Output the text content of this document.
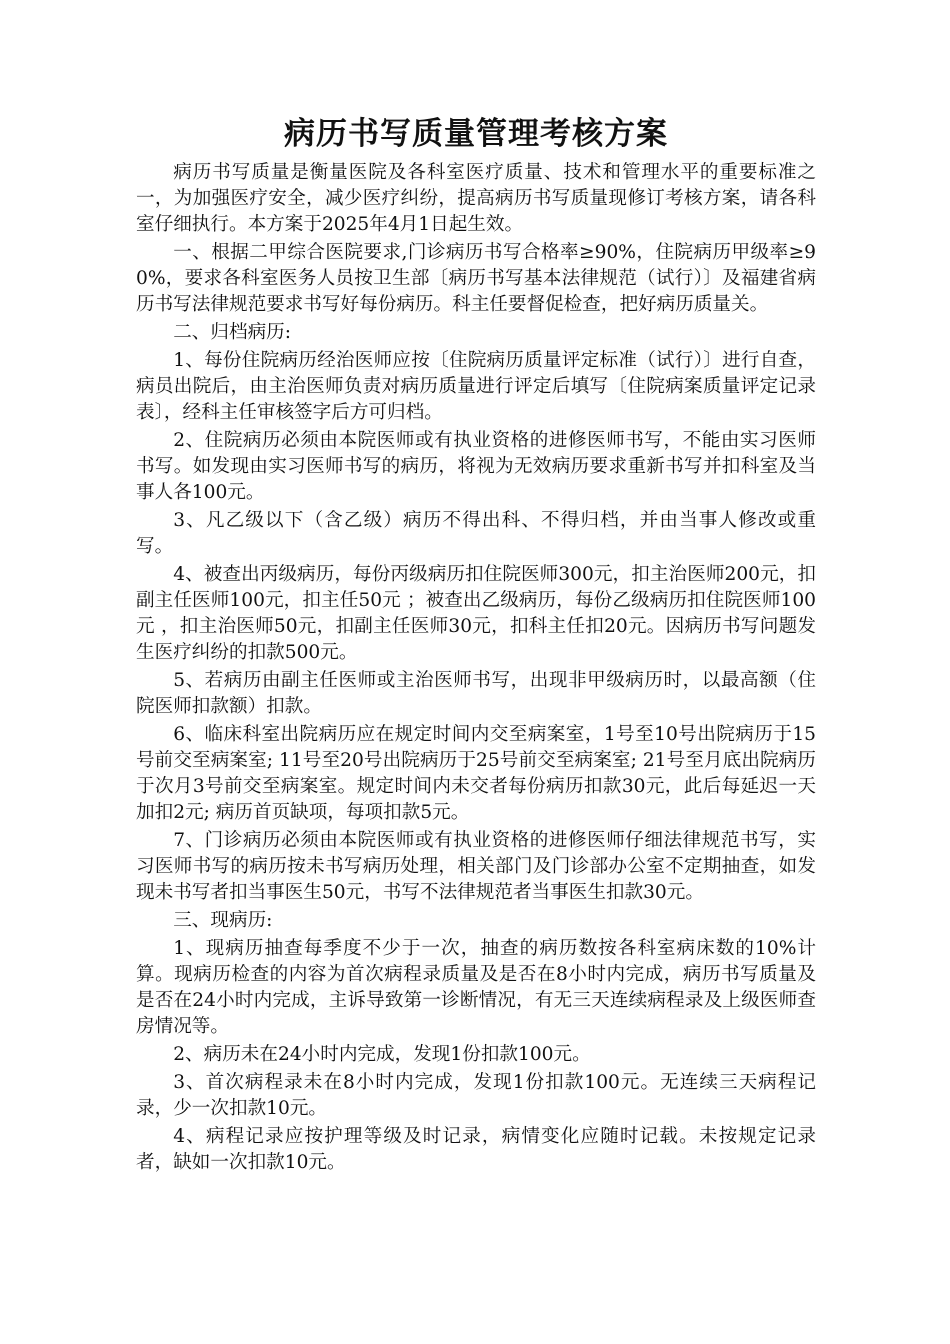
病历书写质量管理考核方案

病历书写质量是衡量医院及各科室医疗质量、技术和管理水平的重要标准之一，为加强医疗安全，减少医疗纠纷，提高病历书写质量现修订考核方案，请各科室仔细执行。本方案于2025年4月1日起生效。

一、根据二甲综合医院要求,门诊病历书写合格率≥90%，住院病历甲级率≥90%，要求各科室医务人员按卫生部〔病历书写基本法律规范（试行）〕及福建省病历书写法律规范要求书写好每份病历。科主任要督促检查，把好病历质量关。

二、归档病历:

1、每份住院病历经治医师应按〔住院病历质量评定标准（试行）〕进行自查，病员出院后，由主治医师负责对病历质量进行评定后填写〔住院病案质量评定记录表〕，经科主任审核签字后方可归档。

2、住院病历必须由本院医师或有执业资格的进修医师书写，不能由实习医师书写。如发现由实习医师书写的病历，将视为无效病历要求重新书写并扣科室及当事人各100元。

3、凡乙级以下（含乙级）病历不得出科、不得归档，并由当事人修改或重写。

4、被查出丙级病历，每份丙级病历扣住院医师300元，扣主治医师200元，扣副主任医师100元，扣主任50元 ；被查出乙级病历，每份乙级病历扣住院医师100元 ，扣主治医师50元，扣副主任医师30元，扣科主任扣20元。因病历书写问题发生医疗纠纷的扣款500元。

5、若病历由副主任医师或主治医师书写，出现非甲级病历时，以最高额（住院医师扣款额）扣款。

6、临床科室出院病历应在规定时间内交至病案室，1号至10号出院病历于15号前交至病案室; 11号至20号出院病历于25号前交至病案室; 21号至月底出院病历于次月3号前交至病案室。规定时间内未交者每份病历扣款30元，此后每延迟一天加扣2元; 病历首页缺项，每项扣款5元。

7、门诊病历必须由本院医师或有执业资格的进修医师仔细法律规范书写，实习医师书写的病历按未书写病历处理，相关部门及门诊部办公室不定期抽查，如发现未书写者扣当事医生50元，书写不法律规范者当事医生扣款30元。

三、现病历:

1、现病历抽查每季度不少于一次，抽查的病历数按各科室病床数的10%计算。现病历检查的内容为首次病程录质量及是否在8小时内完成，病历书写质量及是否在24小时内完成，主诉导致第一诊断情况，有无三天连续病程录及上级医师查房情况等。

2、病历未在24小时内完成，发现1份扣款100元。

3、首次病程录未在8小时内完成，发现1份扣款100元。无连续三天病程记录，少一次扣款10元。

4、病程记录应按护理等级及时记录，病情变化应随时记载。未按规定记录者，缺如一次扣款10元。
